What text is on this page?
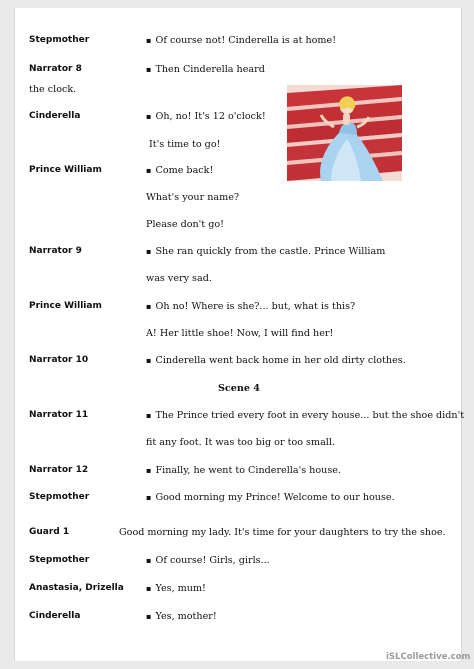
Stepmother	▪ Of course not! Cinderella is at home!
Narrator 8	▪ Then Cinderella heard
the clock.
Cinderella	▪ Oh, no! It's 12 o'clock!
It's time to go!
Prince William	▪ Come back!
What's your name?
Please don't go!
Narrator 9	▪ She ran quickly from the castle. Prince William
was very sad.
Prince William	▪ Oh no! Where is she?... but, what is this?
A! Her little shoe! Now, I will find her!
Narrator 10	▪ Cinderella went back home in her old dirty clothes.
Scene 4
Narrator 11	▪ The Prince tried every foot in every house... but the shoe didn't
fit any foot. It was too big or too small.
Narrator 12	▪ Finally, he went to Cinderella's house.
Stepmother	▪ Good morning my Prince! Welcome to our house.
Guard 1	Good morning my lady. It's time for your daughters to try the shoe.
Stepmother	▪ Of course! Girls, girls...
Anastasia, Drizella	▪ Yes, mum!
Cinderella	▪ Yes, mother!
iSLCollective.com
